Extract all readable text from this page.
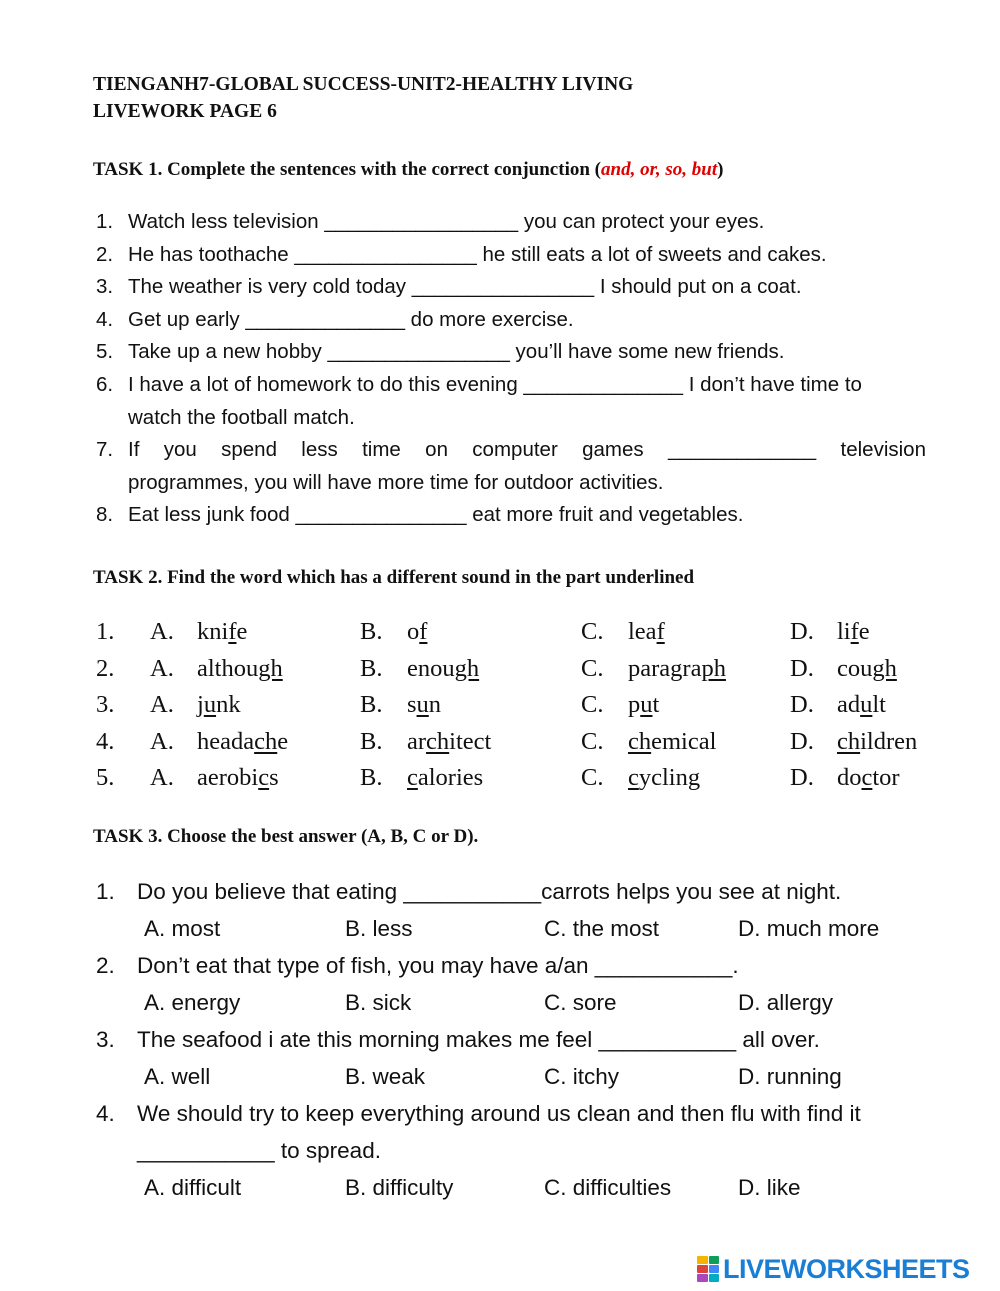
TIENGANH7-GLOBAL SUCCESS-UNIT2-HEALTHY LIVING
LIVEWORK PAGE 6
TASK 1. Complete the sentences with the correct conjunction (and, or, so, but)
1. Watch less television _________________ you can protect your eyes.
2. He has toothache ________________ he still eats a lot of sweets and cakes.
3. The weather is very cold today ________________ I should put on a coat.
4. Get up early ______________ do more exercise.
5. Take up a new hobby ________________ you’ll have some new friends.
6. I have a lot of homework to do this evening ______________ I don’t have time to
watch the football match.
7. If you spend less time on computer games _____________ television
programmes, you will have more time for outdoor activities.
8. Eat less junk food _______________ eat more fruit and vegetables.
TASK 2. Find the word which has a different sound in the part underlined
1. A. knife	B. of	C. leaf	D. life
2. A. although	B. enough	C. paragraph	D. cough
3. A. junk	B. sun	C. put	D. adult
4. A. headache	B. architect	C. chemical	D. children
5. A. aerobics	B. calories	C. cycling	D. doctor
TASK 3. Choose the best answer (A, B, C or D).
1. Do you believe that eating ___________carrots helps you see at night.
A. most	B. less	C. the most	D. much more
2. Don’t eat that type of fish, you may have a/an ___________.
A. energy	B. sick	C. sore	D. allergy
3. The seafood i ate this morning makes me feel ___________ all over.
A. well	B. weak	C. itchy	D. running
4. We should try to keep everything around us clean and then flu with find it
___________ to spread.
A. difficult	B. difficulty	C. difficulties	D. like
LIVEWORKSHEETS
